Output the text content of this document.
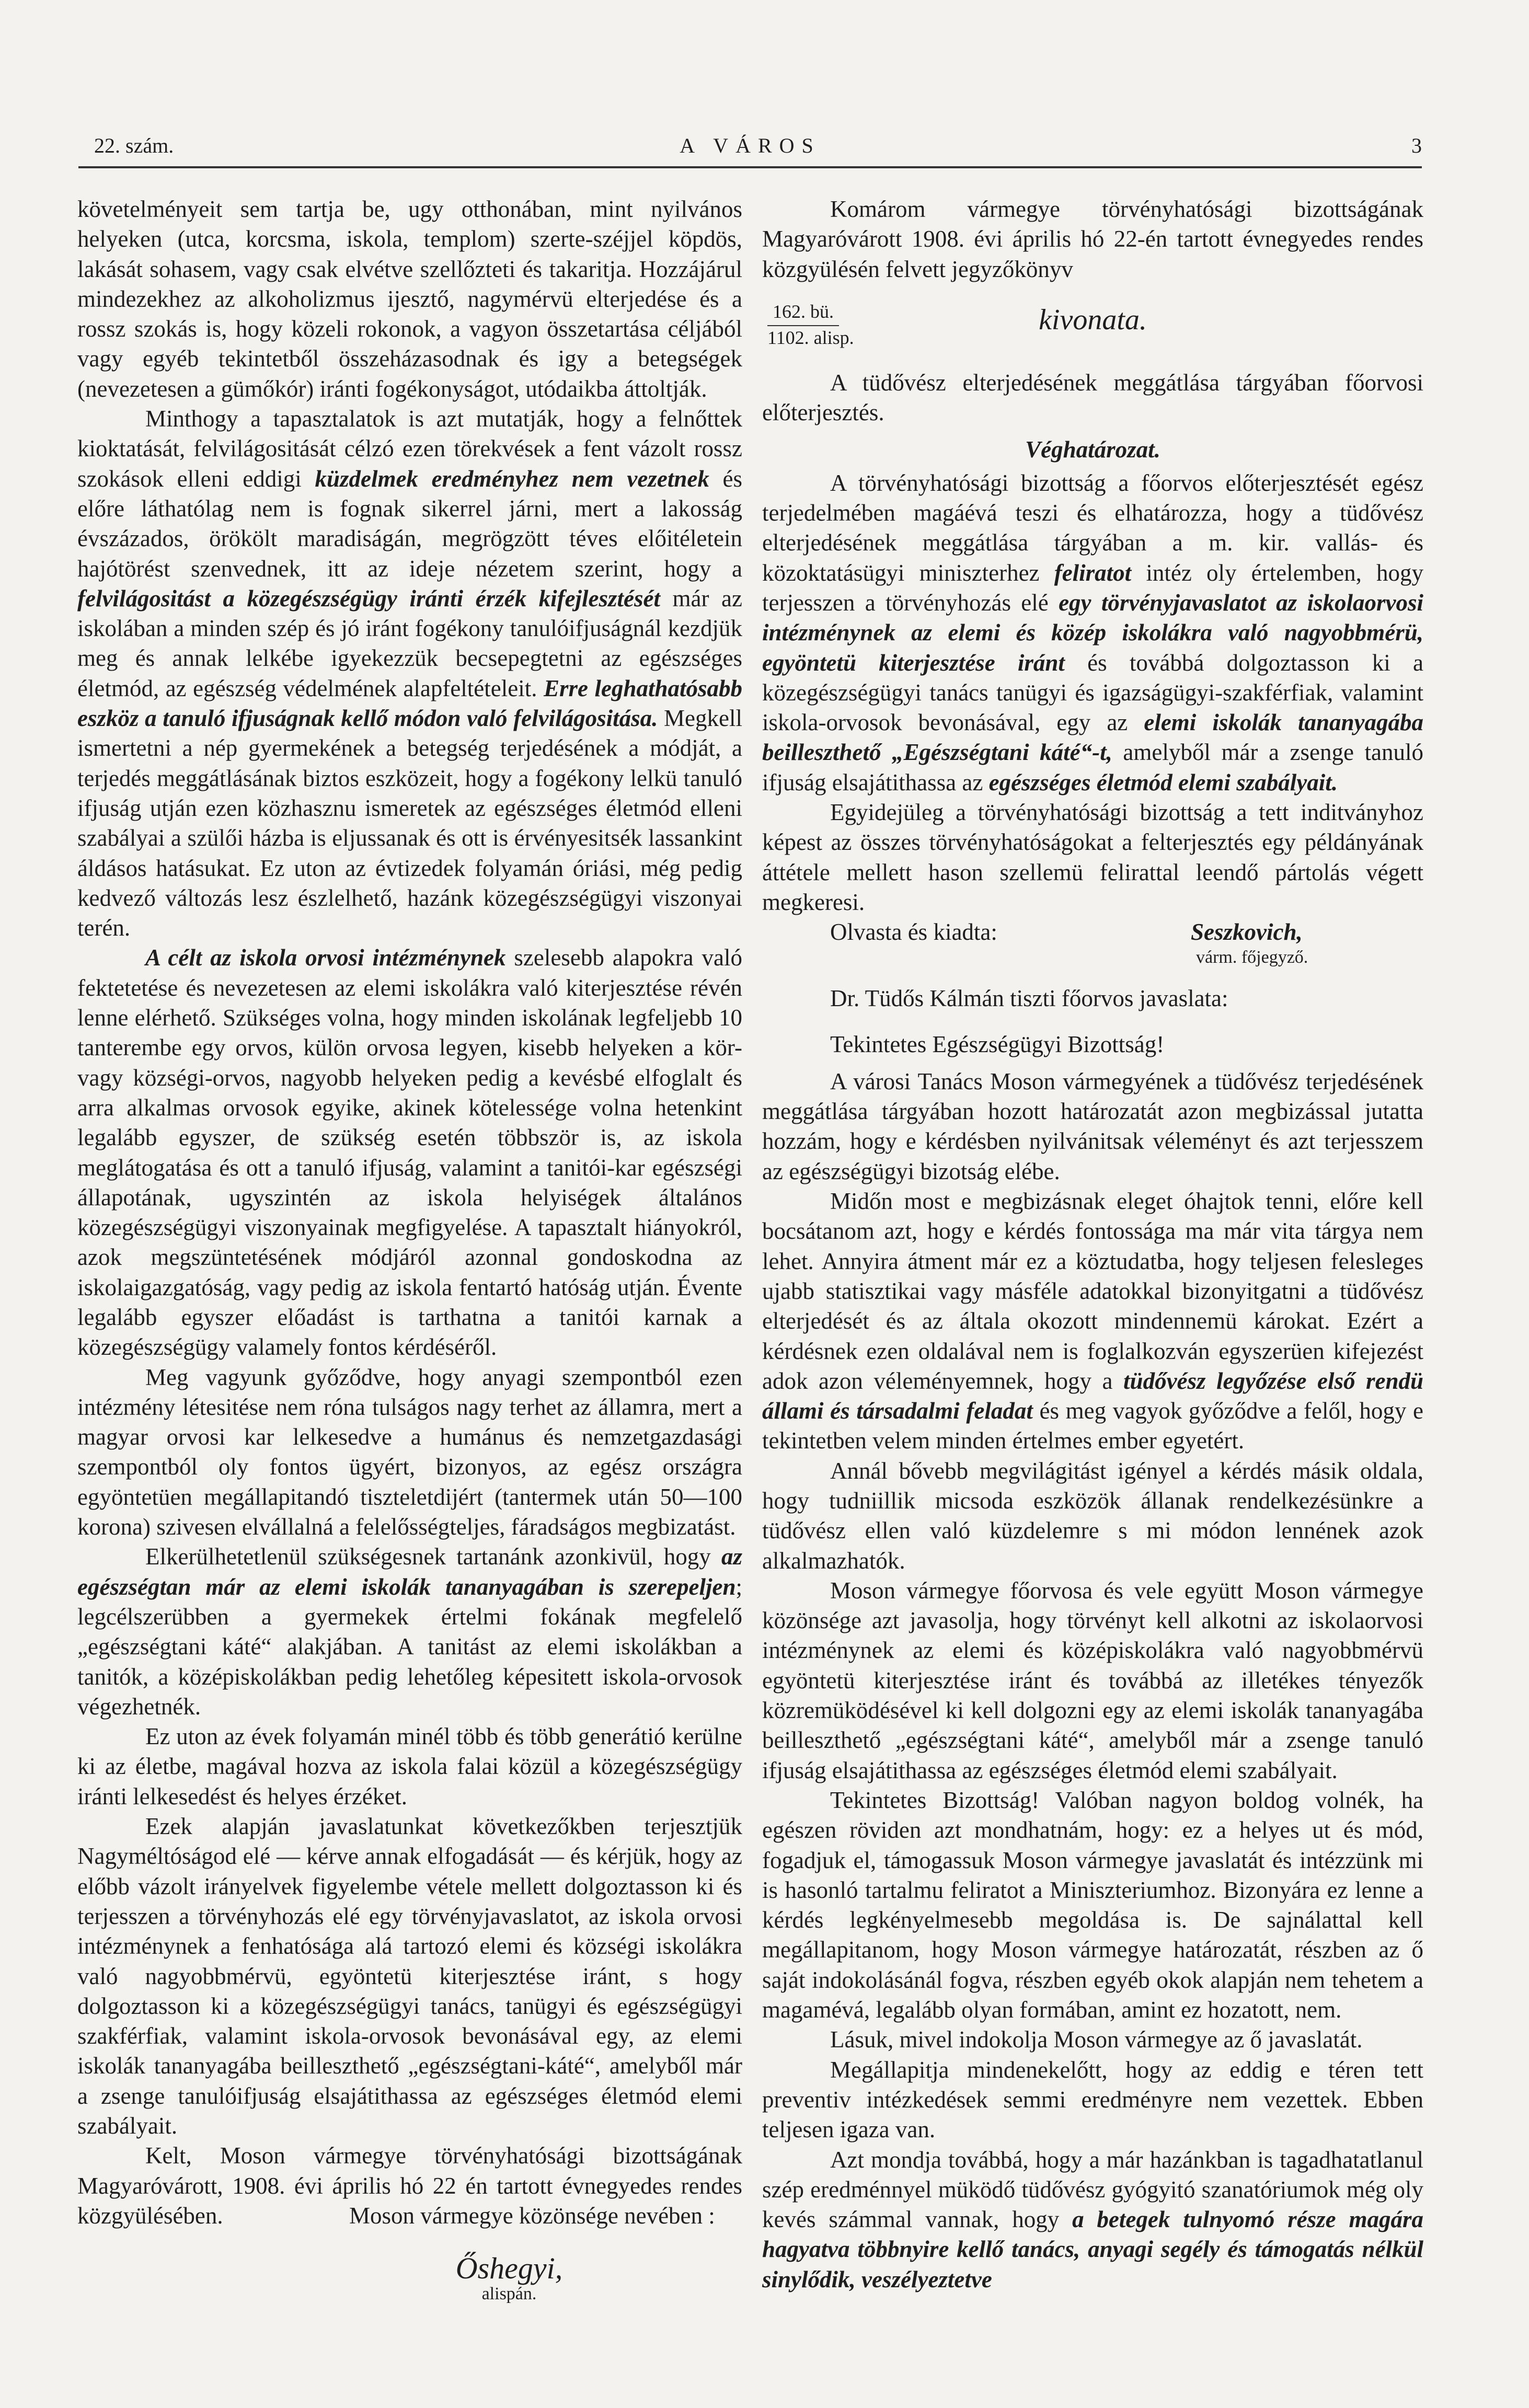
22. szám.	A VÁROS	3

követelményeit sem tartja be, ugy otthonában, mint nyilvános helyeken (utca, korcsma, iskola, templom) szerte-széjjel köpdös, lakását sohasem, vagy csak elvétve szellőzteti és takaritja. Hozzájárul mindezekhez az alkoholizmus ijesztő, nagymérvü elterjedése és a rossz szokás is, hogy közeli rokonok, a vagyon összetartása céljából vagy egyéb tekintetből összeházasodnak és igy a betegségek (nevezetesen a gümőkór) iránti fogékonyságot, utódaikba áttoltják.

Minthogy a tapasztalatok is azt mutatják, hogy a felnőttek kioktatását, felvilágositását célzó ezen törekvések a fent vázolt rossz szokások elleni eddigi küzdelmek eredményhez nem vezetnek és előre láthatólag nem is fognak sikerrel járni, mert a lakosság évszázados, örökölt maradiságán, megrögzött téves előitéletein hajótörést szenvednek, itt az ideje nézetem szerint, hogy a felvilágositást a közegészségügy iránti érzék kifejlesztését már az iskolában a minden szép és jó iránt fogékony tanulóifjuságnál kezdjük meg és annak lelkébe igyekezzük becsepegtetni az egészséges életmód, az egészség védelmének alapfeltételeit. Erre leghathatósabb eszköz a tanuló ifjuságnak kellő módon való felvilágositása. Megkell ismertetni a nép gyermekének a betegség terjedésének a módját, a terjedés meggátlásának biztos eszközeit, hogy a fogékony lelkü tanuló ifjuság utján ezen közhasznu ismeretek az egészséges életmód elleni szabályai a szülői házba is eljussanak és ott is érvényesitsék lassankint áldásos hatásukat. Ez uton az évtizedek folyamán óriási, még pedig kedvező változás lesz észlelhető, hazánk közegészségügyi viszonyai terén.

A célt az iskola orvosi intézménynek szelesebb alapokra való fektetetése és nevezetesen az elemi iskolákra való kiterjesztése révén lenne elérhető. Szükséges volna, hogy minden iskolának legfeljebb 10 tanterembe egy orvos, külön orvosa legyen, kisebb helyeken a kör- vagy községi-orvos, nagyobb helyeken pedig a kevésbé elfoglalt és arra alkalmas orvosok egyike, akinek kötelessége volna hetenkint legalább egyszer, de szükség esetén többször is, az iskola meglátogatása és ott a tanuló ifjuság, valamint a tanitói-kar egészségi állapotának, ugyszintén az iskola helyiségek általános közegészségügyi viszonyainak megfigyelése. A tapasztalt hiányokról, azok megszüntetésének módjáról azonnal gondoskodna az iskolaigazgatóság, vagy pedig az iskola fentartó hatóság utján. Évente legalább egyszer előadást is tarthatna a tanitói karnak a közegészségügy valamely fontos kérdéséről.

Meg vagyunk győződve, hogy anyagi szempontból ezen intézmény létesitése nem róna tulságos nagy terhet az államra, mert a magyar orvosi kar lelkesedve a humánus és nemzetgazdasági szempontból oly fontos ügyért, bizonyos, az egész országra egyöntetüen megállapitandó tiszteletdijért (tantermek után 50—100 korona) szivesen elvállalná a felelősségteljes, fáradságos megbizatást.

Elkerülhetetlenül szükségesnek tartanánk azonkivül, hogy az egészségtan már az elemi iskolák tananyagában is szerepeljen; legcélszerübben a gyermekek értelmi fokának megfelelő „egészségtani káté“ alakjában. A tanitást az elemi iskolákban a tanitók, a középiskolákban pedig lehetőleg képesitett iskola-orvosok végezhetnék.

Ez uton az évek folyamán minél több és több generátió kerülne ki az életbe, magával hozva az iskola falai közül a közegészségügy iránti lelkesedést és helyes érzéket.

Ezek alapján javaslatunkat következőkben terjesztjük Nagyméltóságod elé — kérve annak elfogadását — és kérjük, hogy az előbb vázolt irányelvek figyelembe vétele mellett dolgoztasson ki és terjesszen a törvényhozás elé egy törvényjavaslatot, az iskola orvosi intézménynek a fenhatósága alá tartozó elemi és községi iskolákra való nagyobbmérvü, egyöntetü kiterjesztése iránt, s hogy dolgoztasson ki a közegészségügyi tanács, tanügyi és egészségügyi szakférfiak, valamint iskola-orvosok bevonásával egy, az elemi iskolák tananyagába beilleszthető „egészségtani-káté“, amelyből már a zsenge tanulóifjuság elsajátithassa az egészséges életmód elemi szabályait.

Kelt, Moson vármegye törvényhatósági bizottságának Magyaróvárott, 1908. évi április hó 22 én tartott évnegyedes rendes közgyülésében.	Moson vármegye közönsége nevében :
Őshegyi,
alispán.

Komárom vármegye törvényhatósági bizottságának Magyaróvárott 1908. évi április hó 22-én tartott évnegyedes rendes közgyülésén felvett jegyzőkönyv

162. bü.
1102. alisp.
kivonata.

A tüdővész elterjedésének meggátlása tárgyában főorvosi előterjesztés.

Véghatározat.

A törvényhatósági bizottság a főorvos előterjesztését egész terjedelmében magáévá teszi és elhatározza, hogy a tüdővész elterjedésének meggátlása tárgyában a m. kir. vallás- és közoktatásügyi miniszterhez feliratot intéz oly értelemben, hogy terjesszen a törvényhozás elé egy törvényjavaslatot az iskolaorvosi intézménynek az elemi és közép iskolákra való nagyobbmérü, egyöntetü kiterjesztése iránt és továbbá dolgoztasson ki a közegészségügyi tanács tanügyi és igazságügyi-szakférfiak, valamint iskola-orvosok bevonásával, egy az elemi iskolák tananyagába beilleszthető „Egészségtani káté“-t, amelyből már a zsenge tanuló ifjuság elsajátithassa az egészséges életmód elemi szabályait.

Egyidejüleg a törvényhatósági bizottság a tett inditványhoz képest az összes törvényhatóságokat a felterjesztés egy példányának áttétele mellett hason szellemü felirattal leendő pártolás végett megkeresi.

Olvasta és kiadta:	Seszkovich,
várm. főjegyző.

Dr. Tüdős Kálmán tiszti főorvos javaslata:

Tekintetes Egészségügyi Bizottság!

A városi Tanács Moson vármegyének a tüdővész terjedésének meggátlása tárgyában hozott határozatát azon megbizással jutatta hozzám, hogy e kérdésben nyilvánitsak véleményt és azt terjesszem az egészségügyi bizotság elébe.

Midőn most e megbizásnak eleget óhajtok tenni, előre kell bocsátanom azt, hogy e kérdés fontossága ma már vita tárgya nem lehet. Annyira átment már ez a köztudatba, hogy teljesen felesleges ujabb statisztikai vagy másféle adatokkal bizonyitgatni a tüdővész elterjedését és az általa okozott mindennemü károkat. Ezért a kérdésnek ezen oldalával nem is foglalkozván egyszerüen kifejezést adok azon véleményemnek, hogy a tüdővész legyőzése első rendü állami és társadalmi feladat és meg vagyok győződve a felől, hogy e tekintetben velem minden értelmes ember egyetért.

Annál bővebb megvilágitást igényel a kérdés másik oldala, hogy tudniillik micsoda eszközök állanak rendelkezésünkre a tüdővész ellen való küzdelemre s mi módon lennének azok alkalmazhatók.

Moson vármegye főorvosa és vele együtt Moson vármegye közönsége azt javasolja, hogy törvényt kell alkotni az iskolaorvosi intézménynek az elemi és középiskolákra való nagyobbmérvü egyöntetü kiterjesztése iránt és továbbá az illetékes tényezők közremüködésével ki kell dolgozni egy az elemi iskolák tananyagába beilleszthető „egészségtani káté“, amelyből már a zsenge tanuló ifjuság elsajátithassa az egészséges életmód elemi szabályait.

Tekintetes Bizottság! Valóban nagyon boldog volnék, ha egészen röviden azt mondhatnám, hogy: ez a helyes ut és mód, fogadjuk el, támogassuk Moson vármegye javaslatát és intézzünk mi is hasonló tartalmu feliratot a Miniszteriumhoz. Bizonyára ez lenne a kérdés legkényelmesebb megoldása is. De sajnálattal kell megállapitanom, hogy Moson vármegye határozatát, részben az ő saját indokolásánál fogva, részben egyéb okok alapján nem tehetem a magamévá, legalább olyan formában, amint ez hozatott, nem.

Lásuk, mivel indokolja Moson vármegye az ő javaslatát.

Megállapitja mindenekelőtt, hogy az eddig e téren tett preventiv intézkedések semmi eredményre nem vezettek. Ebben teljesen igaza van.

Azt mondja továbbá, hogy a már hazánkban is tagadhatatlanul szép eredménnyel müködő tüdővész gyógyitó szanatóriumok még oly kevés számmal vannak, hogy a betegek tulnyomó része magára hagyatva többnyire kellő tanács, anyagi segély és támogatás nélkül sinylődik, veszélyeztetve
